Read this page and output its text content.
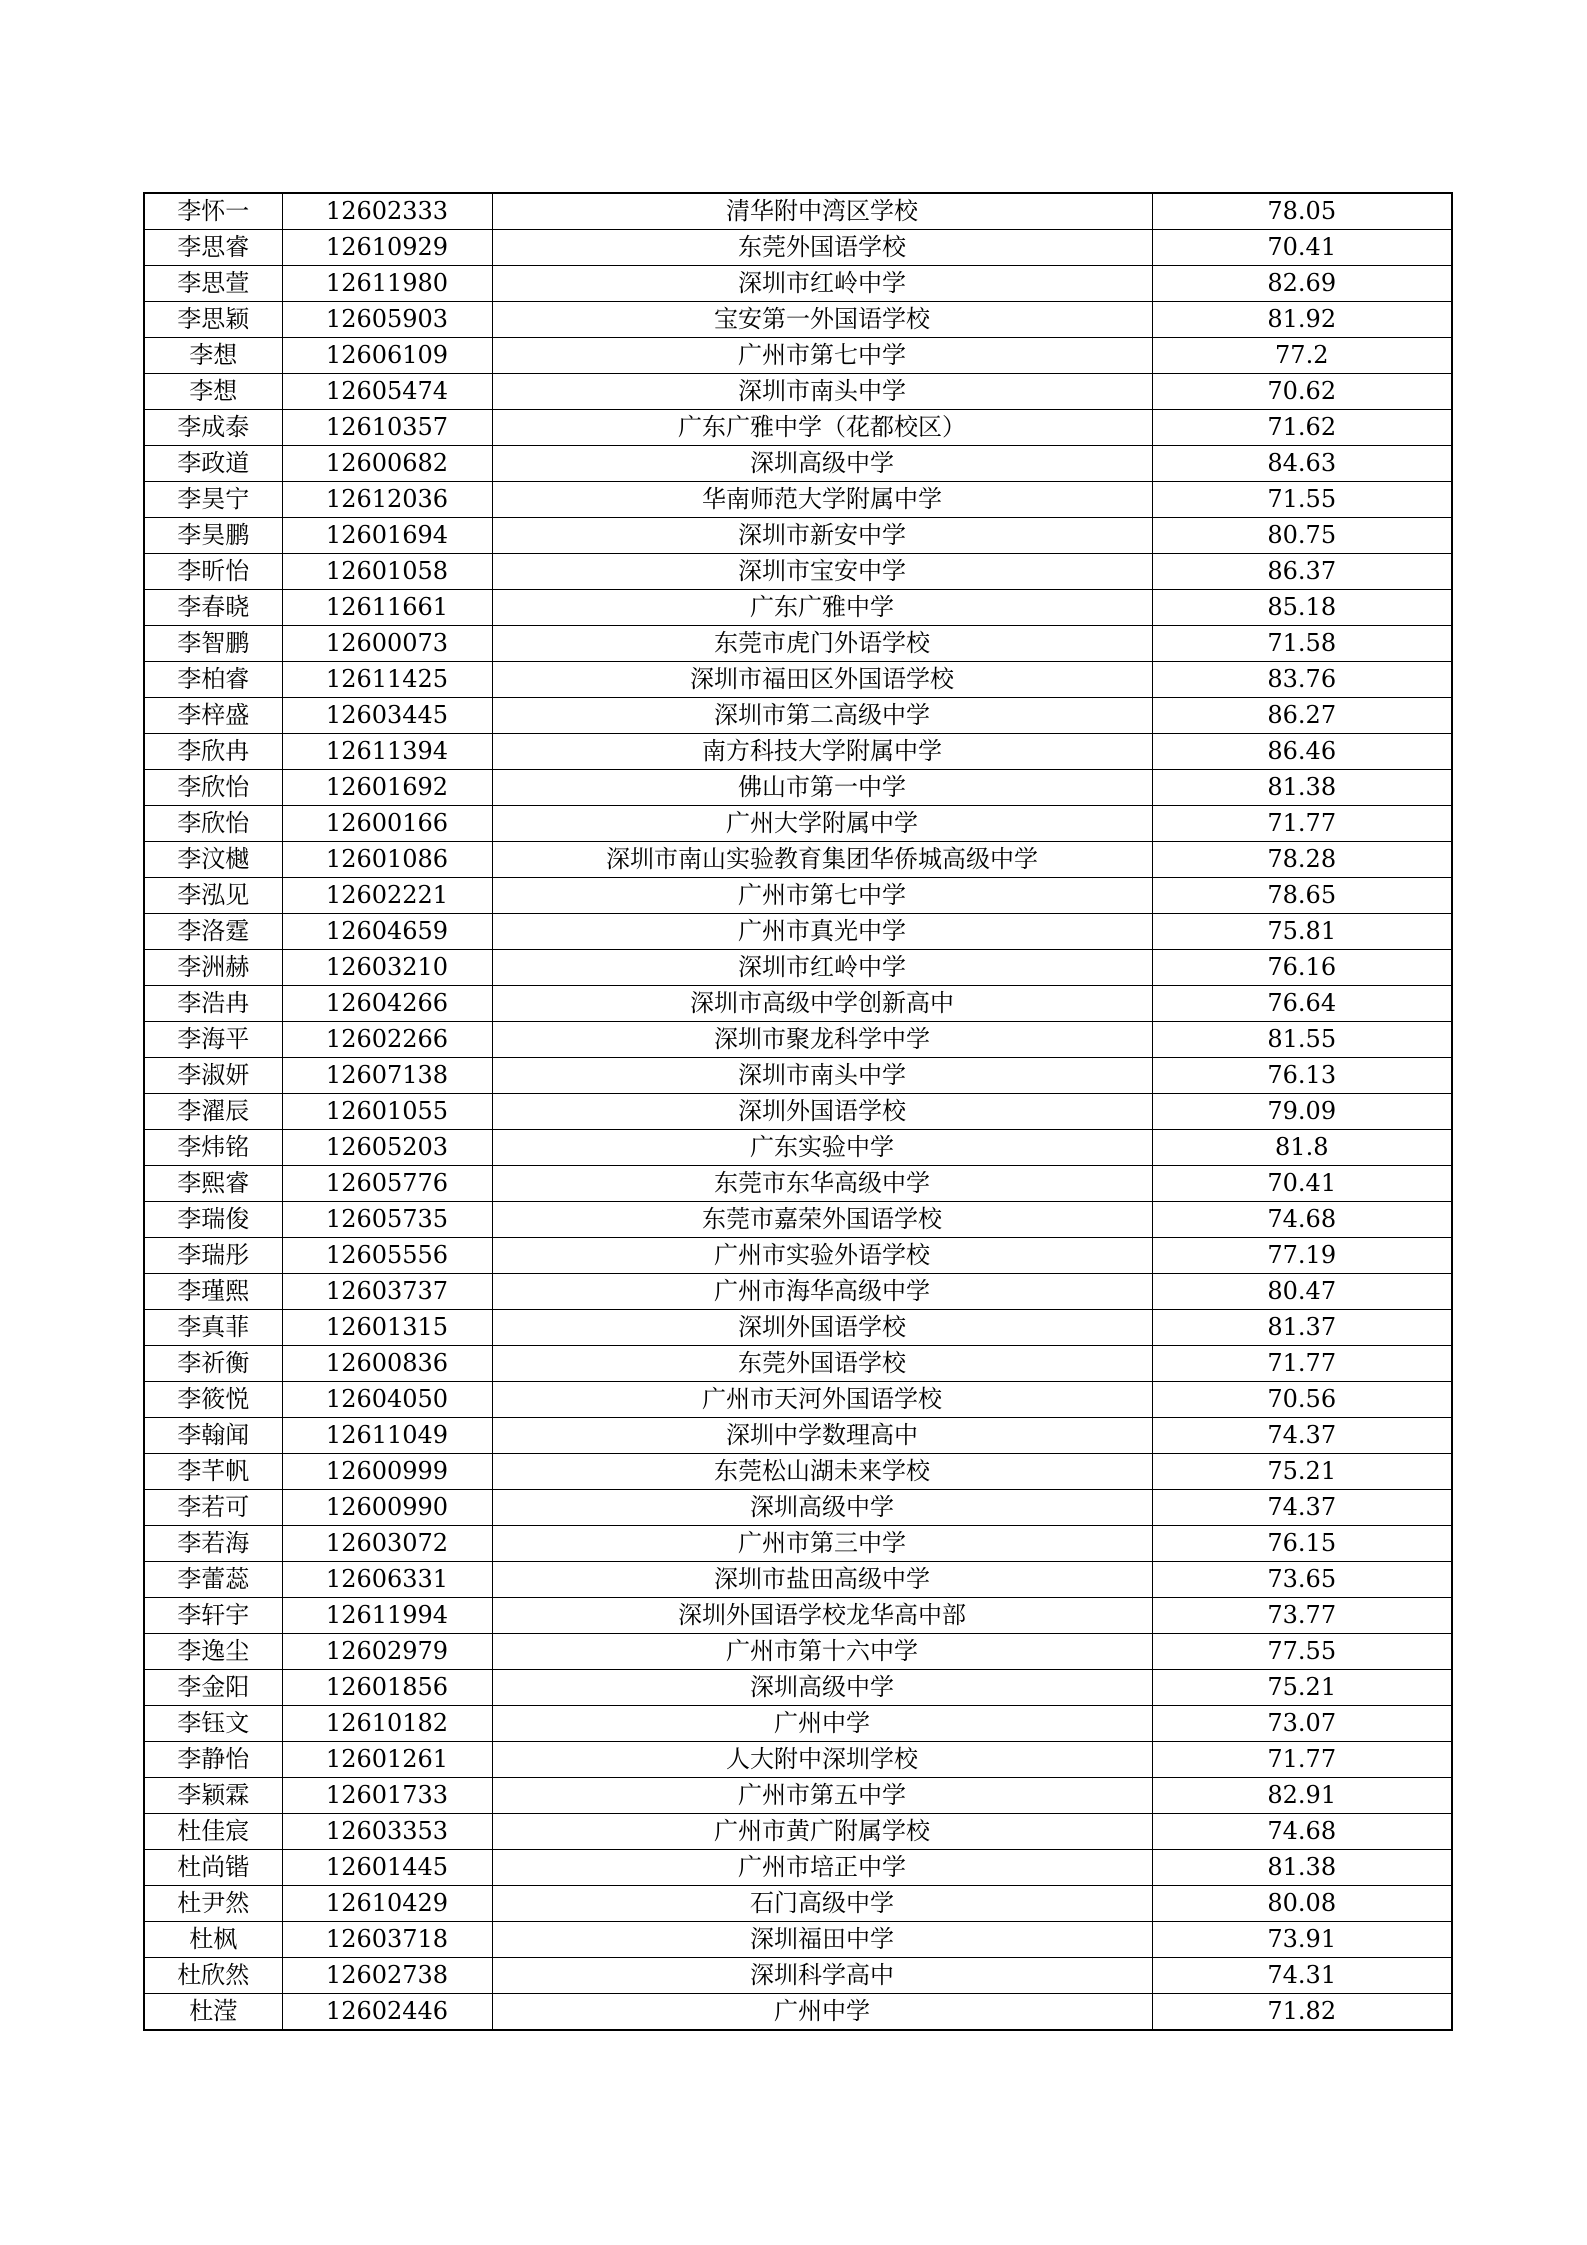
李怀一	12602333	清华附中湾区学校	78.05
李思睿	12610929	东莞外国语学校	70.41
李思萱	12611980	深圳市红岭中学	82.69
李思颖	12605903	宝安第一外国语学校	81.92
李想	12606109	广州市第七中学	77.2
李想	12605474	深圳市南头中学	70.62
李成泰	12610357	广东广雅中学（花都校区）	71.62
李政道	12600682	深圳高级中学	84.63
李昊宁	12612036	华南师范大学附属中学	71.55
李昊鹏	12601694	深圳市新安中学	80.75
李昕怡	12601058	深圳市宝安中学	86.37
李春晓	12611661	广东广雅中学	85.18
李智鹏	12600073	东莞市虎门外语学校	71.58
李柏睿	12611425	深圳市福田区外国语学校	83.76
李梓盛	12603445	深圳市第二高级中学	86.27
李欣冉	12611394	南方科技大学附属中学	86.46
李欣怡	12601692	佛山市第一中学	81.38
李欣怡	12600166	广州大学附属中学	71.77
李汶樾	12601086	深圳市南山实验教育集团华侨城高级中学	78.28
李泓见	12602221	广州市第七中学	78.65
李洛霆	12604659	广州市真光中学	75.81
李洲赫	12603210	深圳市红岭中学	76.16
李浩冉	12604266	深圳市高级中学创新高中	76.64
李海平	12602266	深圳市聚龙科学中学	81.55
李淑妍	12607138	深圳市南头中学	76.13
李濯辰	12601055	深圳外国语学校	79.09
李炜铭	12605203	广东实验中学	81.8
李熙睿	12605776	东莞市东华高级中学	70.41
李瑞俊	12605735	东莞市嘉荣外国语学校	74.68
李瑞彤	12605556	广州市实验外语学校	77.19
李瑾熙	12603737	广州市海华高级中学	80.47
李真菲	12601315	深圳外国语学校	81.37
李祈衡	12600836	东莞外国语学校	71.77
李筱悦	12604050	广州市天河外国语学校	70.56
李翰闻	12611049	深圳中学数理高中	74.37
李芊帆	12600999	东莞松山湖未来学校	75.21
李若可	12600990	深圳高级中学	74.37
李若海	12603072	广州市第三中学	76.15
李蕾蕊	12606331	深圳市盐田高级中学	73.65
李轩宇	12611994	深圳外国语学校龙华高中部	73.77
李逸尘	12602979	广州市第十六中学	77.55
李金阳	12601856	深圳高级中学	75.21
李钰文	12610182	广州中学	73.07
李静怡	12601261	人大附中深圳学校	71.77
李颖霖	12601733	广州市第五中学	82.91
杜佳宸	12603353	广州市黄广附属学校	74.68
杜尚锴	12601445	广州市培正中学	81.38
杜尹然	12610429	石门高级中学	80.08
杜枫	12603718	深圳福田中学	73.91
杜欣然	12602738	深圳科学高中	74.31
杜滢	12602446	广州中学	71.82
